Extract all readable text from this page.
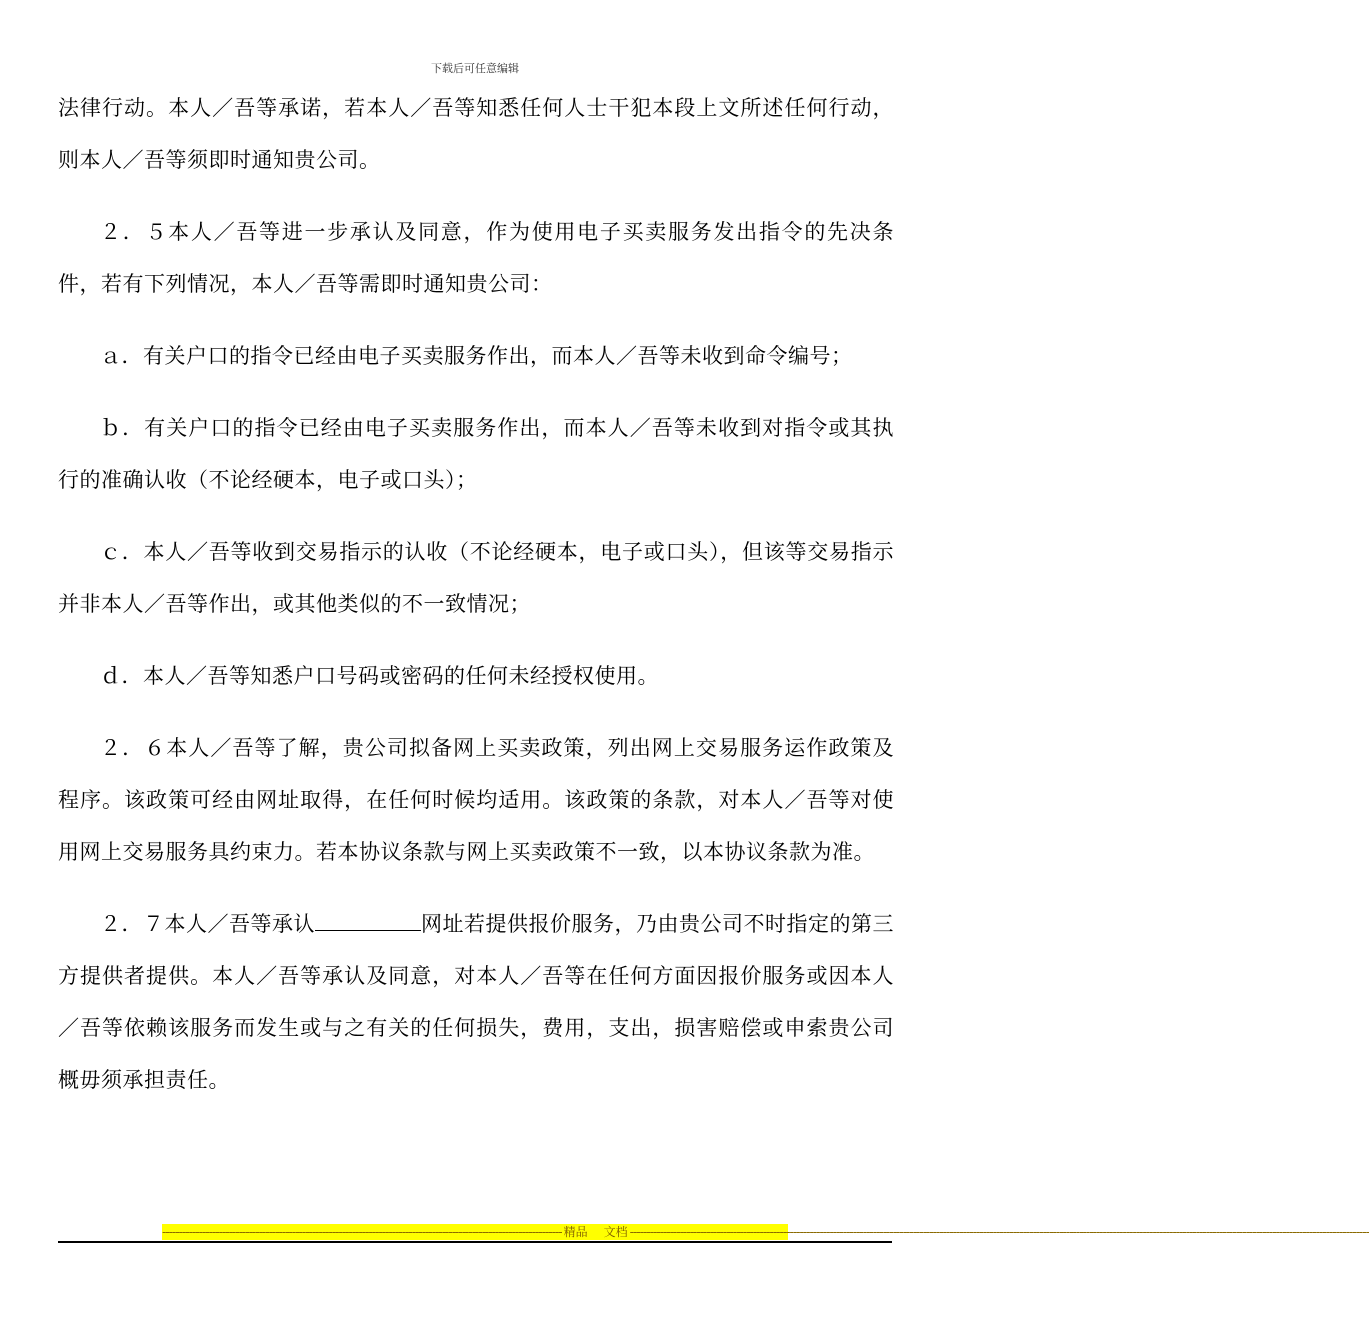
下载后可任意编辑

法律行动。本人／吾等承诺，若本人／吾等知悉任何人士干犯本段上文所述任何行动，则本人／吾等须即时通知贵公司。

２．５本人／吾等进一步承认及同意，作为使用电子买卖服务发出指令的先决条件，若有下列情况，本人／吾等需即时通知贵公司：

ａ．有关户口的指令已经由电子买卖服务作出，而本人／吾等未收到命令编号；

ｂ．有关户口的指令已经由电子买卖服务作出，而本人／吾等未收到对指令或其执行的准确认收（不论经硬本，电子或口头）；

ｃ．本人／吾等收到交易指示的认收（不论经硬本，电子或口头），但该等交易指示并非本人／吾等作出，或其他类似的不一致情况；

ｄ．本人／吾等知悉户口号码或密码的任何未经授权使用。

２．６本人／吾等了解，贵公司拟备网上买卖政策，列出网上交易服务运作政策及程序。该政策可经由网址取得，在任何时候均适用。该政策的条款，对本人／吾等对使用网上交易服务具约束力。若本协议条款与网上买卖政策不一致，以本协议条款为准。

２．７本人／吾等承认	网址若提供报价服务，乃由贵公司不时指定的第三方提供者提供。本人／吾等承认及同意，对本人／吾等在任何方面因报价服务或因本人／吾等依赖该服务而发生或与之有关的任何损失，费用，支出，损害赔偿或申索贵公司概毋须承担责任。

------------------------------------------------------------------------------------------------------------------------ 精品	文档 ------------------------------------------------------------------------------------------------------------------------------------------------------------------------------------------------------------------------------
